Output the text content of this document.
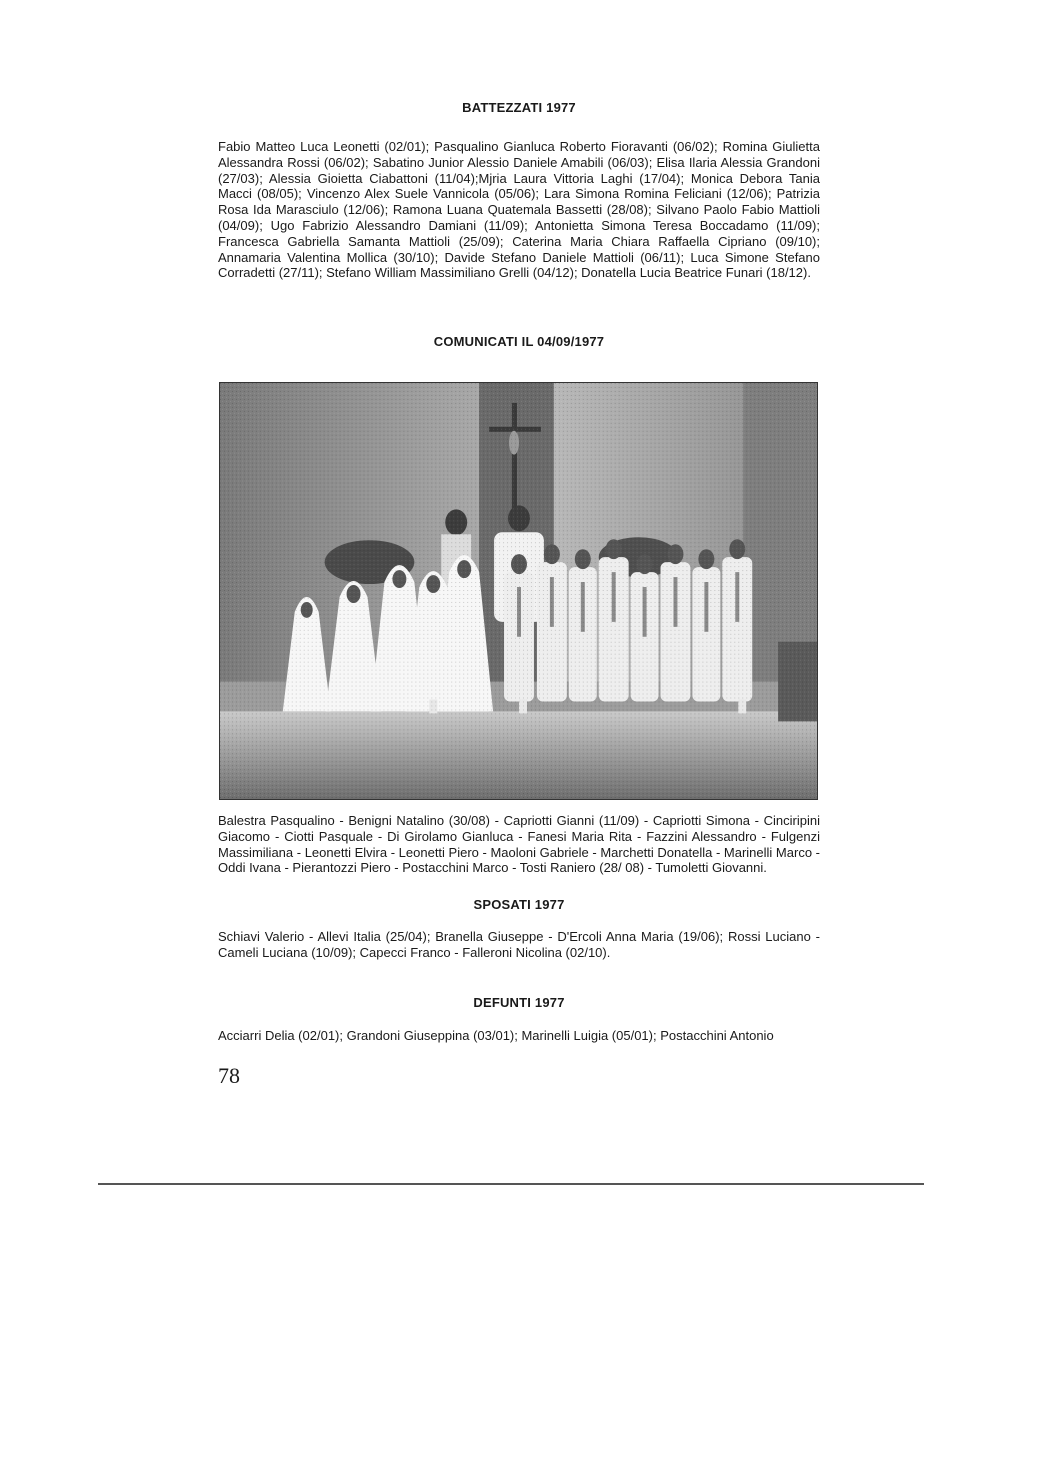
BATTEZZATI 1977

Fabio Matteo Luca Leonetti (02/01); Pasqualino Gianluca Roberto Fioravanti (06/02); Romina Giulietta Alessandra Rossi (06/02); Sabatino Junior Alessio Daniele Amabili (06/03); Elisa Ilaria Alessia Grandoni (27/03); Alessia Gioietta Ciabattoni (11/04);Mjria Laura Vittoria Laghi (17/04); Monica Debora Tania Macci (08/05); Vincenzo Alex Suele Vannicola (05/06); Lara Simona Romina Feliciani (12/06); Patrizia Rosa Ida Marasciulo (12/06); Ramona Luana Quatemala Bassetti (28/08); Silvano Paolo Fabio Mattioli (04/09); Ugo Fabrizio Alessandro Damiani (11/09); Antonietta Simona Teresa Boccadamo (11/09); Francesca Gabriella Samanta Mattioli (25/09); Caterina Maria Chiara Raffaella Cipriano (09/10); Annamaria Valentina Mollica (30/10); Davide Stefano Daniele Mattioli (06/11); Luca Simone Stefano Corradetti (27/11); Stefano William Massimiliano Grelli (04/12); Donatella Lucia Beatrice Funari (18/12).

COMUNICATI IL 04/09/1977

Balestra Pasqualino - Benigni Natalino (30/08) - Capriotti Gianni (11/09) - Capriotti Simona - Cinciripini Giacomo - Ciotti Pasquale - Di Girolamo Gianluca - Fanesi Maria Rita - Fazzini Alessandro - Fulgenzi Massimiliana - Leonetti Elvira - Leonetti Piero - Maoloni Gabriele - Marchetti Donatella - Marinelli Marco - Oddi Ivana - Pierantozzi Piero - Postacchini Marco - Tosti Raniero (28/ 08) - Tumoletti Giovanni.

SPOSATI 1977

Schiavi Valerio - Allevi Italia (25/04); Branella Giuseppe - D'Ercoli Anna Maria (19/06); Rossi Luciano - Cameli Luciana (10/09); Capecci Franco - Falleroni Nicolina (02/10).

DEFUNTI 1977

Acciarri Delia (02/01); Grandoni Giuseppina (03/01); Marinelli Luigia (05/01); Postacchini Antonio

78
